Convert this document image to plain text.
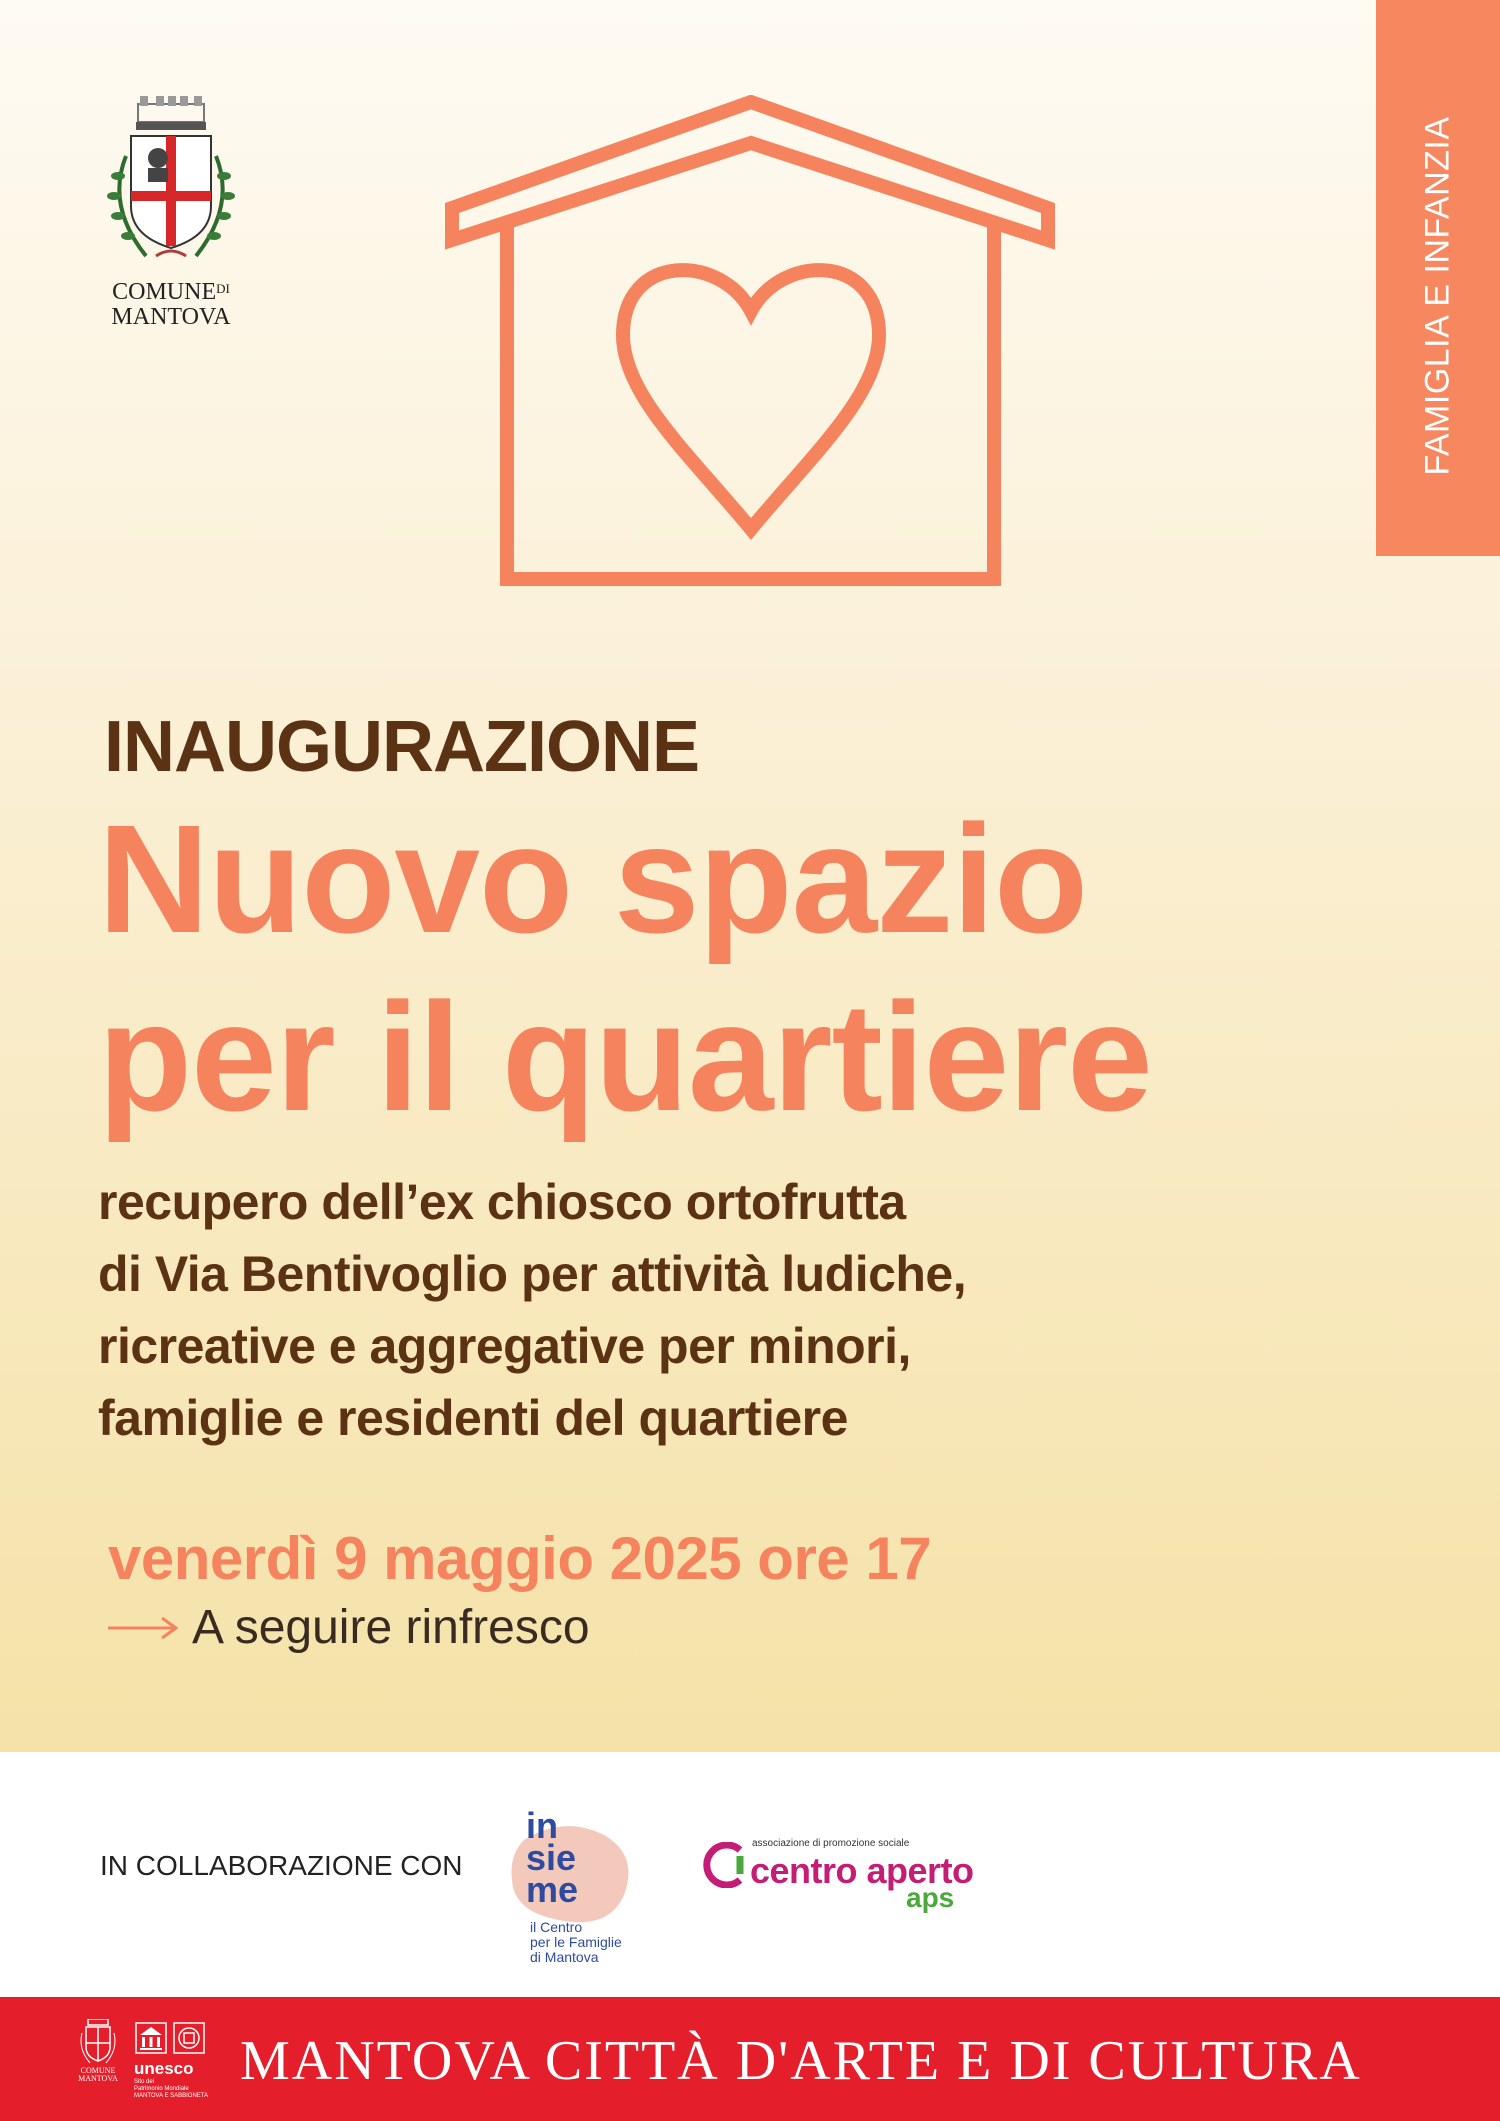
$COMUNE^{DI}$
MANTOVA	FAMIGLIA E INFANZIA
INAUGURAZIONE
Nuovo spazio
per il quartiere
recupero dell’ex chiosco ortofrutta
di Via Bentivoglio per attività ludiche,
ricreative e aggregative per minori,
famiglie e residenti del quartiere
venerdì 9 maggio 2025 ore 17
A seguire rinfresco
IN COLLABORAZIONE CON
in
sie
me
il Centro
per le Famiglie
di Mantova
associazione di promozione sociale
centro aperto
aps
COMUNE
MANTOVA
unesco
Sito del
Patrimonio Mondiale
MANTOVA E SABBIONETA
MANTOVA CITTÀ D'ARTE E DI CULTURA
